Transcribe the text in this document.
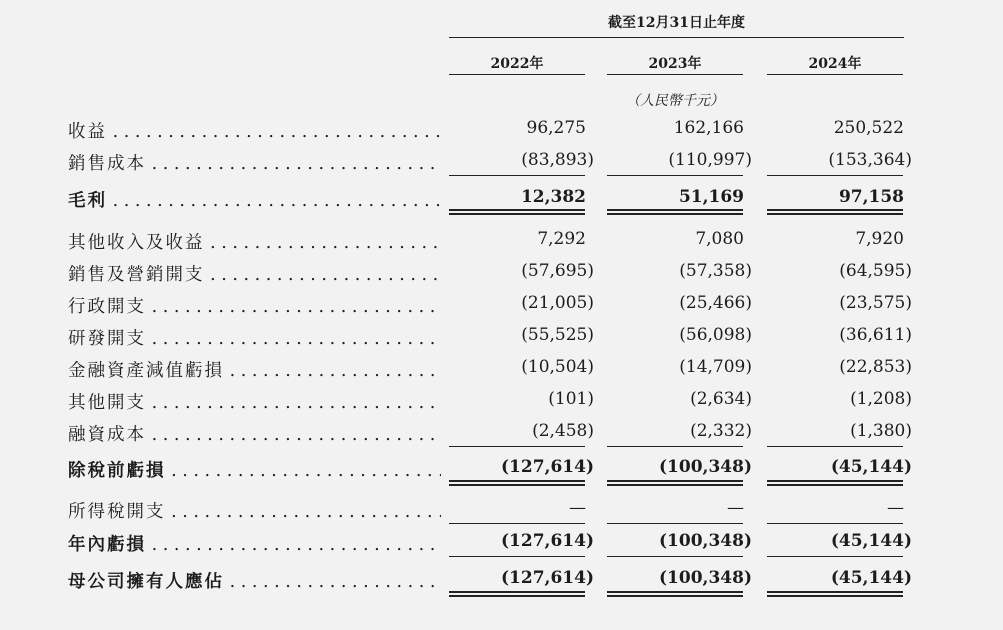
截至12月31日止年度
2022年	2023年	2024年
（人民幣千元）
收益 . . .	96,275	162,166	250,522
銷售成本 . . .	(83,893)	(110,997)	(153,364)
毛利 . . .	12,382	51,169	97,158
其他收入及收益 . . .	7,292	7,080	7,920
銷售及營銷開支 . . .	(57,695)	(57,358)	(64,595)
行政開支 . . .	(21,005)	(25,466)	(23,575)
研發開支 . . .	(55,525)	(56,098)	(36,611)
金融資產減值虧損 . . .	(10,504)	(14,709)	(22,853)
其他開支 . . .	(101)	(2,634)	(1,208)
融資成本 . . .	(2,458)	(2,332)	(1,380)
除稅前虧損 . . .	(127,614)	(100,348)	(45,144)
所得稅開支 . . .	—	—	—
年內虧損 . . .	(127,614)	(100,348)	(45,144)
母公司擁有人應佔 . . .	(127,614)	(100,348)	(45,144)
